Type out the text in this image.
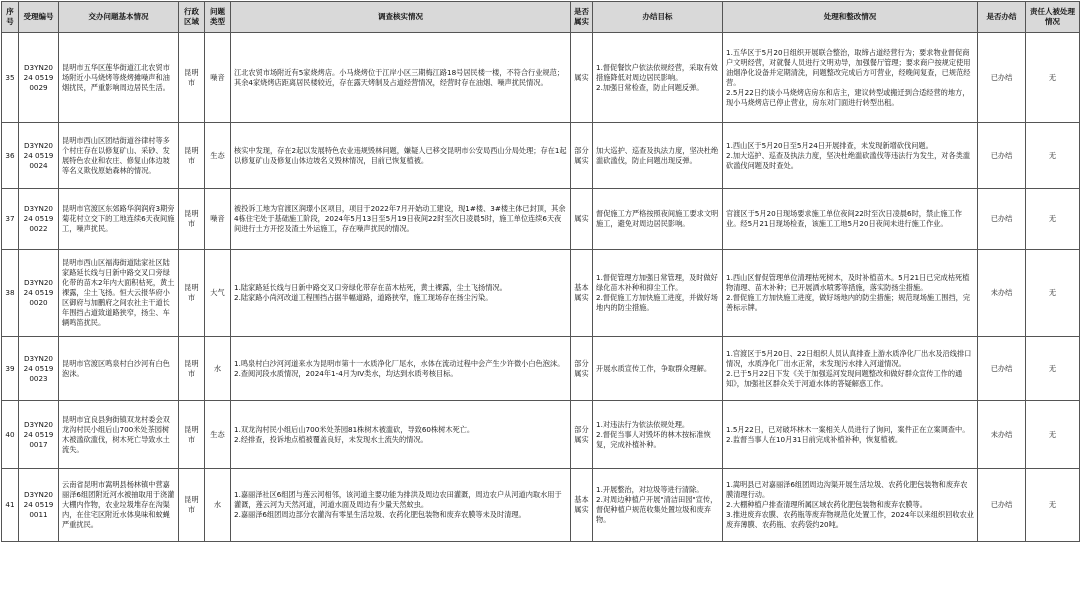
序号	受理编号	交办问题基本情况	行政区域	问题类型	调查核实情况	是否属实	办结目标	处理和整改情况	是否办结	责任人被处理情况
35	D3YN2024 05190029	昆明市五华区莲华街道江北农贸市场附近小马烧烤等烧烤摊噪声和油烟扰民，严重影响周边居民生活。	昆明市	噪音	江北农贸市场附近有5家烧烤店。小马烧烤位于江岸小区三期梅江路18号居民楼一楼，不符合行业规范；其余4家烧烤店距离居民楼较近，存在露天烤制及占道经营情况，经营时存在油烟、噪声扰民情况。	属实	1.督促餐饮户依法依规经营，采取有效措施降低对周边居民影响。
2.加强日常检查，防止问题反弹。	1.五华区于5月20日组织开展联合整治，取缔占道经营行为；要求物业督促商户文明经营，对就餐人员进行文明劝导，加强餐厅管理；要求商户按规定使用油烟净化设备并定期清洗，问题整改完成后方可营业，经晚间复查，已规范经营。
2.5月22日约谈小马烧烤店房东和店主，建议转型或搬迁到合适经营的地方，现小马烧烤店已停止营业，房东对门面进行转型出租。	已办结	无
36	D3YN2024 05190024	昆明市西山区团结街道谷律村等多个村庄存在以修复矿山、采砂、发展特色农业和农庄、修复山体边坡等名义欺伐原始森林的情况。	昆明市	生态	核实中发现，存在2起以发展特色农业违规毁林问题，嫌疑人已移交昆明市公安局西山分局处理；存在1起以修复矿山及修复山体边坡名义毁林情况，目前已恢复植被。	部分属实	加大巡护、巡查及执法力度，坚决杜绝滥砍滥伐，防止问题出现反弹。	1.西山区于5月20日至5月24日开展排查，未发现新增砍伐问题。
2.加大巡护、巡查及执法力度，坚决杜绝滥砍滥伐等违法行为发生，对各类滥砍滥伐问题及时查处。	已办结	无
37	D3YN2024 05190022	昆明市官渡区东郊路华润润府3期旁菊花村立交下的工地连续6天夜间施工，噪声扰民。	昆明市	噪音	被投诉工地为官渡区润璟小区项目，项目于2022年7月开始动工建设，现1#楼、3#楼主体已封顶，其余4栋住宅处于基础施工阶段，2024年5月13日至5月19日夜间22时至次日凌晨5时，施工单位连续6天夜间进行土方开挖及渣土外运施工，存在噪声扰民的情况。	属实	督促施工方严格按照夜间施工要求文明施工，避免对周边居民影响。	官渡区于5月20日现场要求施工单位夜间22时至次日凌晨6时，禁止施工作业。经5月21日现场检查，该施工工地5月20日夜间未进行施工作业。	已办结	无
38	D3YN2024 05190020	昆明市西山区福海街道陆家社区陆家路延长线与日新中路交叉口旁绿化带的苗木2年内大面积枯死，黄土裸露，尘土飞扬。恒大云报华府小区御府与加鹏府之间农社主干道长年围挡占道致道路狭窄，扬尘、车辆鸣笛扰民。	昆明市	大气	1.陆家路延长线与日新中路交叉口旁绿化带存在苗木枯死，黄土裸露，尘土飞扬情况。
2.陆家路小尚河改道工程围挡占据半幅道路，道路狭窄，施工现场存在扬尘污染。	基本属实	1.督促管理方加强日常管理，及时做好绿化苗木补种和抑尘工作。
2.督促施工方加快施工进度，并做好场地内的防尘措施。	1.西山区督促管理单位清理枯死树木，及时补植苗木。5月21日已完成枯死植物清理、苗木补种；已开展洒水喷雾等措施，落实防扬尘措施。
2.督促施工方加快施工进度，做好场地内的防尘措施；规范现场施工围挡，完善标示牌。	未办结	无
39	D3YN2024 05190023	昆明市官渡区鸣泉村白沙河有白色泡沫。	昆明市	水	1.鸣泉村白沙河河道来水为昆明市第十一水质净化厂尾水，水体在流动过程中会产生少许微小白色泡沫。
2.查阅河段水质情况，2024年1-4月为IV类水，均达到水质考核目标。	部分属实	开展水质宣传工作，争取群众理解。	1.官渡区于5月20日、22日组织人员认真排查上游水质净化厂出水及沿线排口情况，水质净化厂出水正常，未发现污水排入河道情况。
2.已于5月22日下发《关于加强巡河发现问题整改和做好群众宣传工作的通知》，加强社区群众关于河道水体的答疑解惑工作。	已办结	无
40	D3YN2024 05190017	昆明市宜良县狗街镇双龙村委会双龙沟村民小组后山700米处茶园树木被滥砍滥伐，树木死亡导致水土流失。	昆明市	生态	1.双龙沟村民小组后山700米处茶园81株树木被滥砍，导致60株树木死亡。
2.经排查，投诉地点植被覆盖良好，未发现水土流失的情况。	部分属实	1.对违法行为依法依规处理。
2.督促当事人对毁坏的林木按标准恢复，完成补植补种。	1.5月22日，已对破坏林木一案相关人员进行了询问，案件正在立案调查中。
2.监督当事人在10月31日前完成补植补种，恢复植被。	未办结	无
41	D3YN2024 05190011	云南省昆明市嵩明县杨林镇中营嘉丽泽6组团附近河水被抽取用于浇灌大棚内作物，农业垃圾堆存在沟渠内，在住宅区附近水体臭味和蚊蝇严重扰民。	昆明市	水	1.嘉丽泽社区6组团与莲云河相邻，该河道主要功能为排洪及周边农田灌溉，周边农户从河道内取水用于灌溉，莲云河为天然河道，河道水面及周边有少量天然蚊虫。
2.嘉丽泽6组团周边部分农灌沟有零星生活垃圾、农药化肥包装物和废弃农膜等未及时清理。	基本属实	1.开展整治，对垃圾等进行清除。
2.对周边种植户开展"清洁田园"宣传，督促种植户规范收集处置垃圾和废弃物。	1.嵩明县已对嘉丽泽6组团周边沟渠开展生活垃圾、农药化肥包装物和废弃农膜清理行动。
2.大棚种植户排查清理所属区域农药化肥包装物和废弃农膜等。
3.推进废弃农膜、农药瓶等废弃物规范化处置工作，2024年以来组织回收农业废弃薄膜、农药瓶、农药袋约20吨。	已办结	无
